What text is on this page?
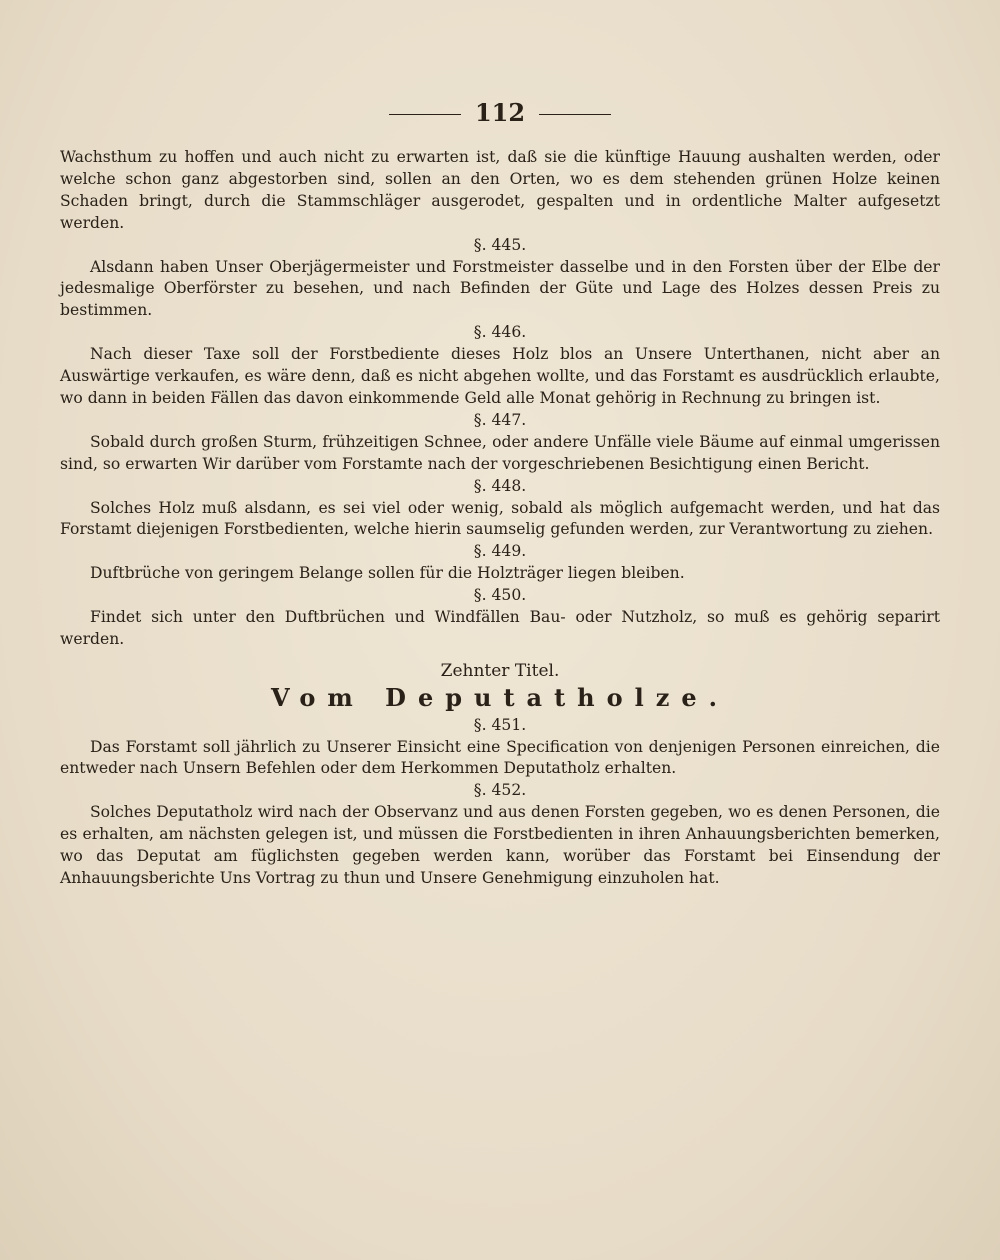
112

Wachsthum zu hoffen und auch nicht zu erwarten ist, daß sie die künftige Hauung aushalten werden, oder welche schon ganz abgestorben sind, sollen an den Orten, wo es dem stehenden grünen Holze keinen Schaden bringt, durch die Stammschläger ausgerodet, gespalten und in ordentliche Malter aufgesetzt werden.

§. 445.

Alsdann haben Unser Oberjägermeister und Forstmeister dasselbe und in den Forsten über der Elbe der jedesmalige Oberförster zu besehen, und nach Befinden der Güte und Lage des Holzes dessen Preis zu bestimmen.

§. 446.

Nach dieser Taxe soll der Forstbediente dieses Holz blos an Unsere Unterthanen, nicht aber an Auswärtige verkaufen, es wäre denn, daß es nicht abgehen wollte, und das Forstamt es ausdrücklich erlaubte, wo dann in beiden Fällen das davon einkommende Geld alle Monat gehörig in Rechnung zu bringen ist.

§. 447.

Sobald durch großen Sturm, frühzeitigen Schnee, oder andere Unfälle viele Bäume auf einmal umgerissen sind, so erwarten Wir darüber vom Forstamte nach der vorgeschriebenen Besichtigung einen Bericht.

§. 448.

Solches Holz muß alsdann, es sei viel oder wenig, sobald als möglich aufgemacht werden, und hat das Forstamt diejenigen Forstbedienten, welche hierin saumselig gefunden werden, zur Verantwortung zu ziehen.

§. 449.

Duftbrüche von geringem Belange sollen für die Holzträger liegen bleiben.

§. 450.

Findet sich unter den Duftbrüchen und Windfällen Bau- oder Nutzholz, so muß es gehörig separirt werden.

Zehnter Titel.

Vom Deputatholze.

§. 451.

Das Forstamt soll jährlich zu Unserer Einsicht eine Specification von denjenigen Personen einreichen, die entweder nach Unsern Befehlen oder dem Herkommen Deputatholz erhalten.

§. 452.

Solches Deputatholz wird nach der Observanz und aus denen Forsten gegeben, wo es denen Personen, die es erhalten, am nächsten gelegen ist, und müssen die Forstbedienten in ihren Anhauungsberichten bemerken, wo das Deputat am füglichsten gegeben werden kann, worüber das Forstamt bei Einsendung der Anhauungsberichte Uns Vortrag zu thun und Unsere Genehmigung einzuholen hat.
